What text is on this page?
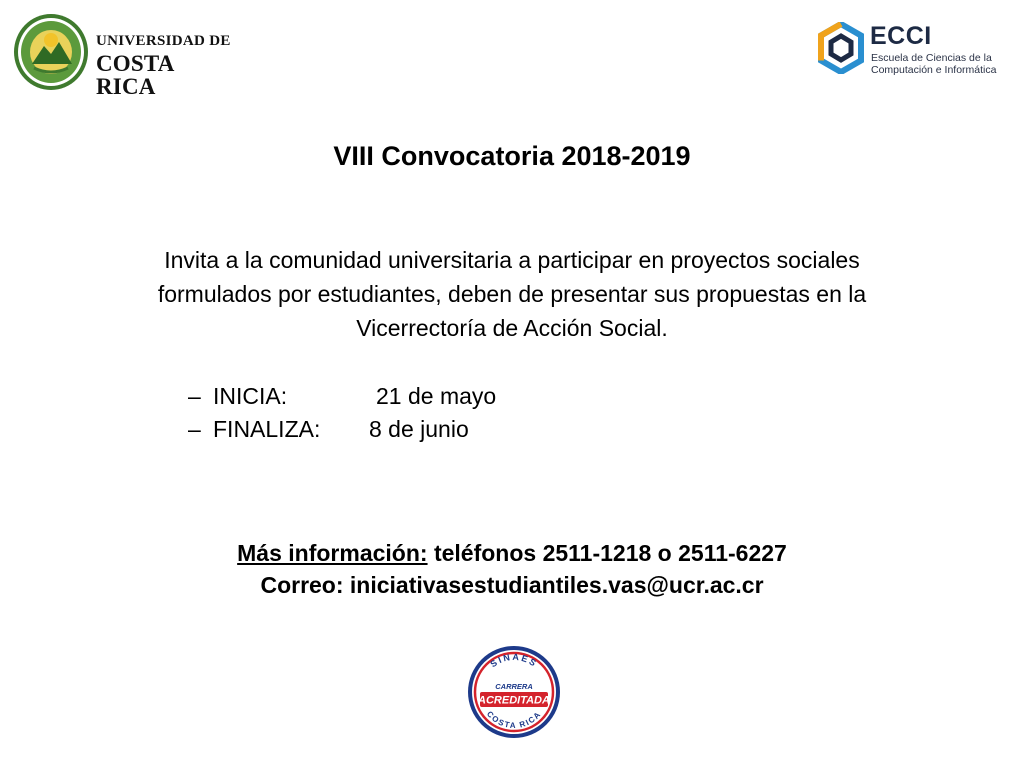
UNIVERSIDAD DE
COSTA RICA
ECCI
Escuela de Ciencias de la
Computación e Informática
VIII Convocatoria 2018-2019

Invita a la comunidad universitaria a participar en proyectos sociales

formulados por estudiantes, deben de presentar sus propuestas en la

Vicerrectoría de Acción Social.

– INICIA:	21 de mayo
– FINALIZA: 8 de junio
Más información: teléfonos 2511-1218 o 2511-6227
Correo: iniciativasestudiantiles.vas@ucr.ac.cr
SINAES
CARRERA
ACREDITADA
COSTA RICA
